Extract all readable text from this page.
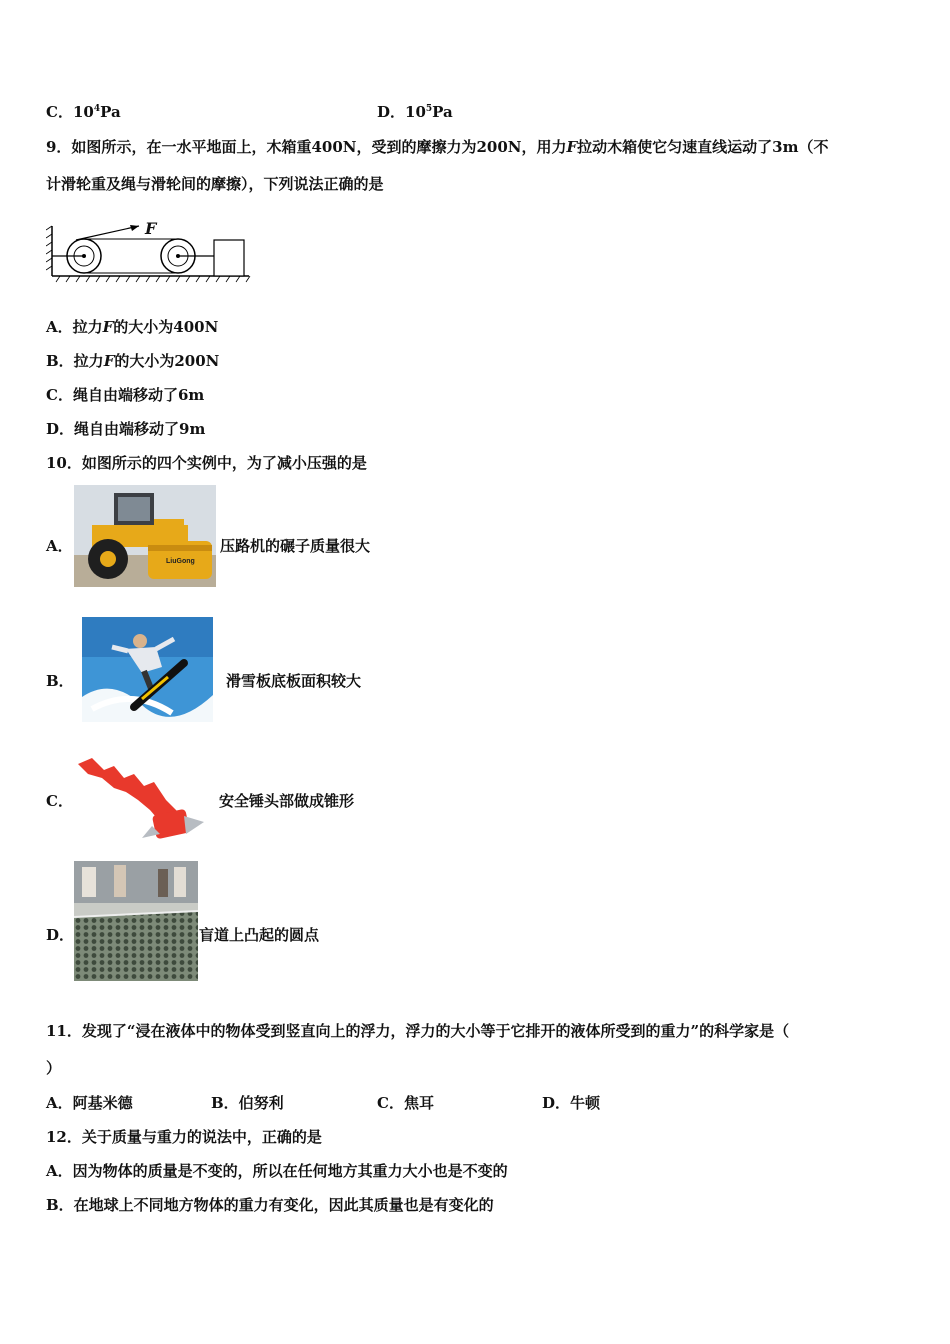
C．$10^4Pa$	D．$10^5Pa$
9．如图所示，在一水平地面上，木箱重400N，受到的摩擦力为200N，用力F拉动木箱使它匀速直线运动了3m（不
计滑轮重及绳与滑轮间的摩擦），下列说法正确的是
F
A．拉力F的大小为400N
B．拉力F的大小为200N
C．绳自由端移动了6m
D．绳自由端移动了9m
10．如图所示的四个实例中，为了减小压强的是
A．
LiuGong
压路机的碾子质量很大
B．	滑雪板底板面积较大
C．	安全锤头部做成锥形
D．	盲道上凸起的圆点
11．发现了“浸在液体中的物体受到竖直向上的浮力，浮力的大小等于它排开的液体所受到的重力”的科学家是（
）
A．阿基米德	B．伯努利	C．焦耳	D．牛顿
12．关于质量与重力的说法中，正确的是
A．因为物体的质量是不变的，所以在任何地方其重力大小也是不变的
B．在地球上不同地方物体的重力有变化，因此其质量也是有变化的
